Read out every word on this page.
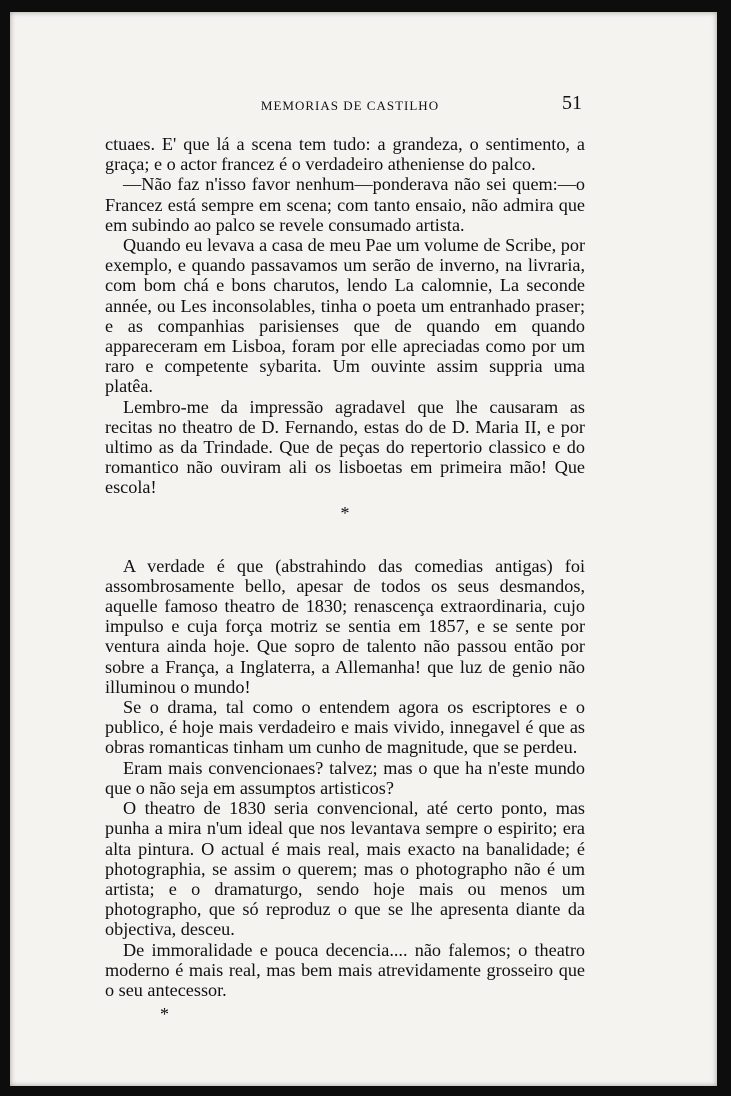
MEMORIAS DE CASTILHO	51

ctuaes. E' que lá a scena tem tudo: a grandeza, o sentimento, a graça; e o actor francez é o verdadeiro atheniense do palco.

—Não faz n'isso favor nenhum—ponderava não sei quem:—o Francez está sempre em scena; com tanto ensaio, não admira que em subindo ao palco se revele consumado artista.

Quando eu levava a casa de meu Pae um volume de Scribe, por exemplo, e quando passavamos um serão de inverno, na livraria, com bom chá e bons charutos, lendo La calomnie, La seconde année, ou Les inconsolables, tinha o poeta um entranhado praser; e as companhias parisienses que de quando em quando appareceram em Lisboa, foram por elle apreciadas como por um raro e competente sybarita. Um ouvinte assim suppria uma platêa.

Lembro-me da impressão agradavel que lhe causaram as recitas no theatro de D. Fernando, estas do de D. Maria II, e por ultimo as da Trindade. Que de peças do repertorio classico e do romantico não ouviram ali os lisboetas em primeira mão! Que escola!

*

A verdade é que (abstrahindo das comedias antigas) foi assombrosamente bello, apesar de todos os seus desmandos, aquelle famoso theatro de 1830; renascença extraordinaria, cujo impulso e cuja força motriz se sentia em 1857, e se sente por ventura ainda hoje. Que sopro de talento não passou então por sobre a França, a Inglaterra, a Allemanha! que luz de genio não illuminou o mundo!

Se o drama, tal como o entendem agora os escriptores e o publico, é hoje mais verdadeiro e mais vivido, innegavel é que as obras romanticas tinham um cunho de magnitude, que se perdeu.

Eram mais convencionaes? talvez; mas o que ha n'este mundo que o não seja em assumptos artisticos?

O theatro de 1830 seria convencional, até certo ponto, mas punha a mira n'um ideal que nos levantava sempre o espirito; era alta pintura. O actual é mais real, mais exacto na banalidade; é photographia, se assim o querem; mas o photographo não é um artista; e o dramaturgo, sendo hoje mais ou menos um photographo, que só reproduz o que se lhe apresenta diante da objectiva, desceu.

De immoralidade e pouca decencia.... não falemos; o theatro moderno é mais real, mas bem mais atrevidamente grosseiro que o seu antecessor.

*
